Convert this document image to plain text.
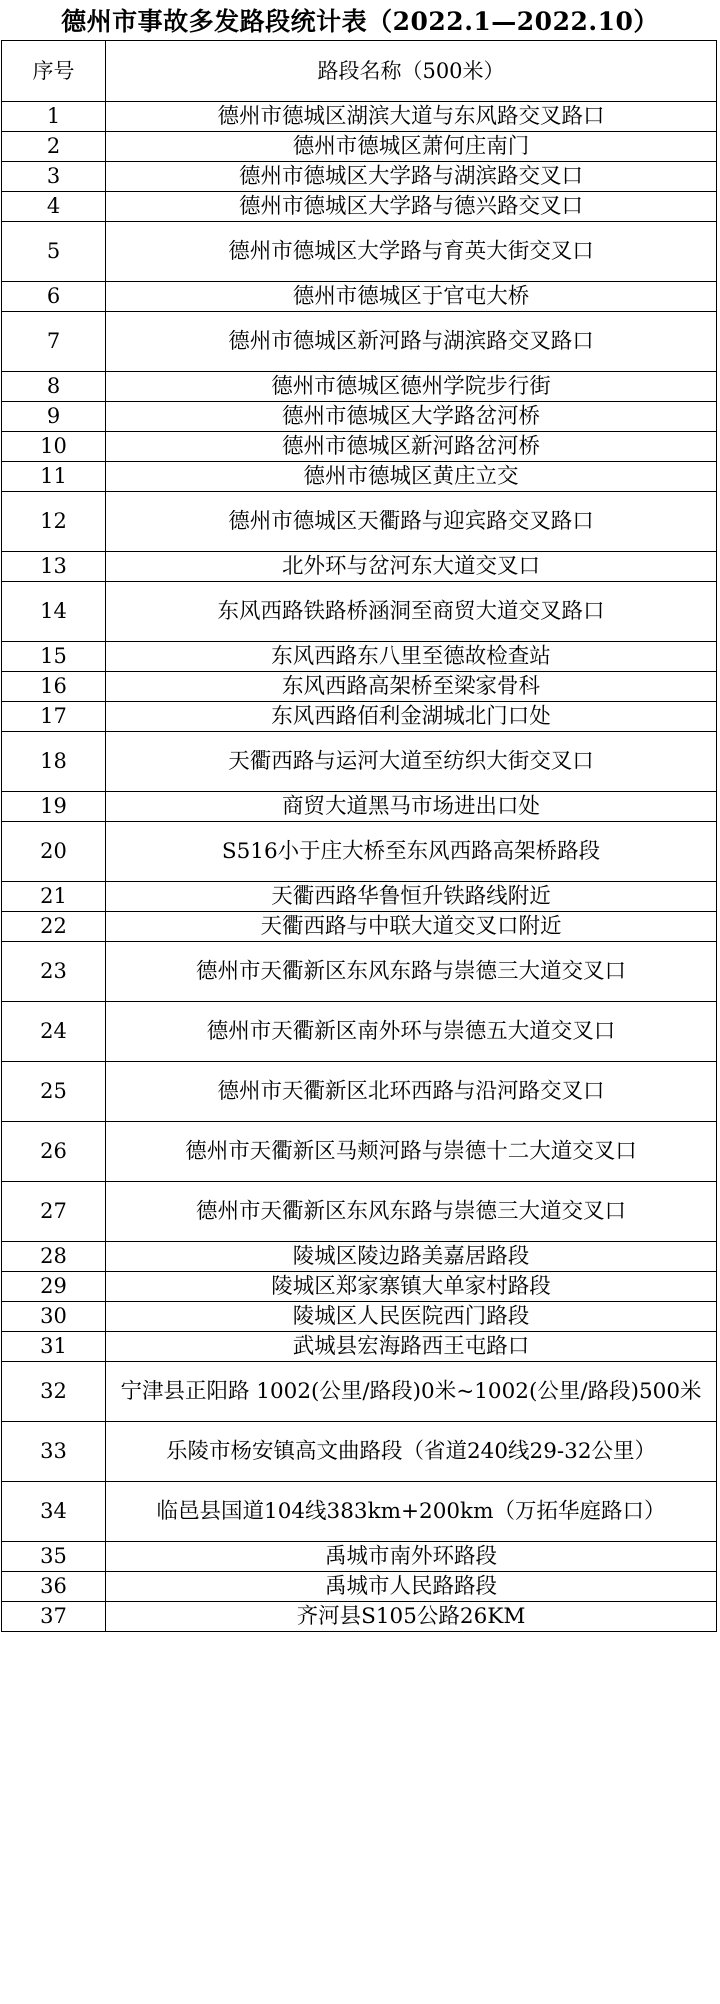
德州市事故多发路段统计表（2022.1—2022.10）
序号	路段名称（500米）
1	德州市德城区湖滨大道与东风路交叉路口
2	德州市德城区萧何庄南门
3	德州市德城区大学路与湖滨路交叉口
4	德州市德城区大学路与德兴路交叉口
5	德州市德城区大学路与育英大街交叉口
6	德州市德城区于官屯大桥
7	德州市德城区新河路与湖滨路交叉路口
8	德州市德城区德州学院步行街
9	德州市德城区大学路岔河桥
10	德州市德城区新河路岔河桥
11	德州市德城区黄庄立交
12	德州市德城区天衢路与迎宾路交叉路口
13	北外环与岔河东大道交叉口
14	东风西路铁路桥涵洞至商贸大道交叉路口
15	东风西路东八里至德故检查站
16	东风西路高架桥至梁家骨科
17	东风西路佰利金湖城北门口处
18	天衢西路与运河大道至纺织大街交叉口
19	商贸大道黑马市场进出口处
20	S516小于庄大桥至东风西路高架桥路段
21	天衢西路华鲁恒升铁路线附近
22	天衢西路与中联大道交叉口附近
23	德州市天衢新区东风东路与崇德三大道交叉口
24	德州市天衢新区南外环与崇德五大道交叉口
25	德州市天衢新区北环西路与沿河路交叉口
26	德州市天衢新区马颊河路与崇德十二大道交叉口
27	德州市天衢新区东风东路与崇德三大道交叉口
28	陵城区陵边路美嘉居路段
29	陵城区郑家寨镇大单家村路段
30	陵城区人民医院西门路段
31	武城县宏海路西王屯路口
32	宁津县正阳路 1002(公里/路段)0米~1002(公里/路段)500米
33	乐陵市杨安镇高文曲路段（省道240线29-32公里）
34	临邑县国道104线383km+200km（万拓华庭路口）
35	禹城市南外环路段
36	禹城市人民路路段
37	齐河县S105公路26KM
